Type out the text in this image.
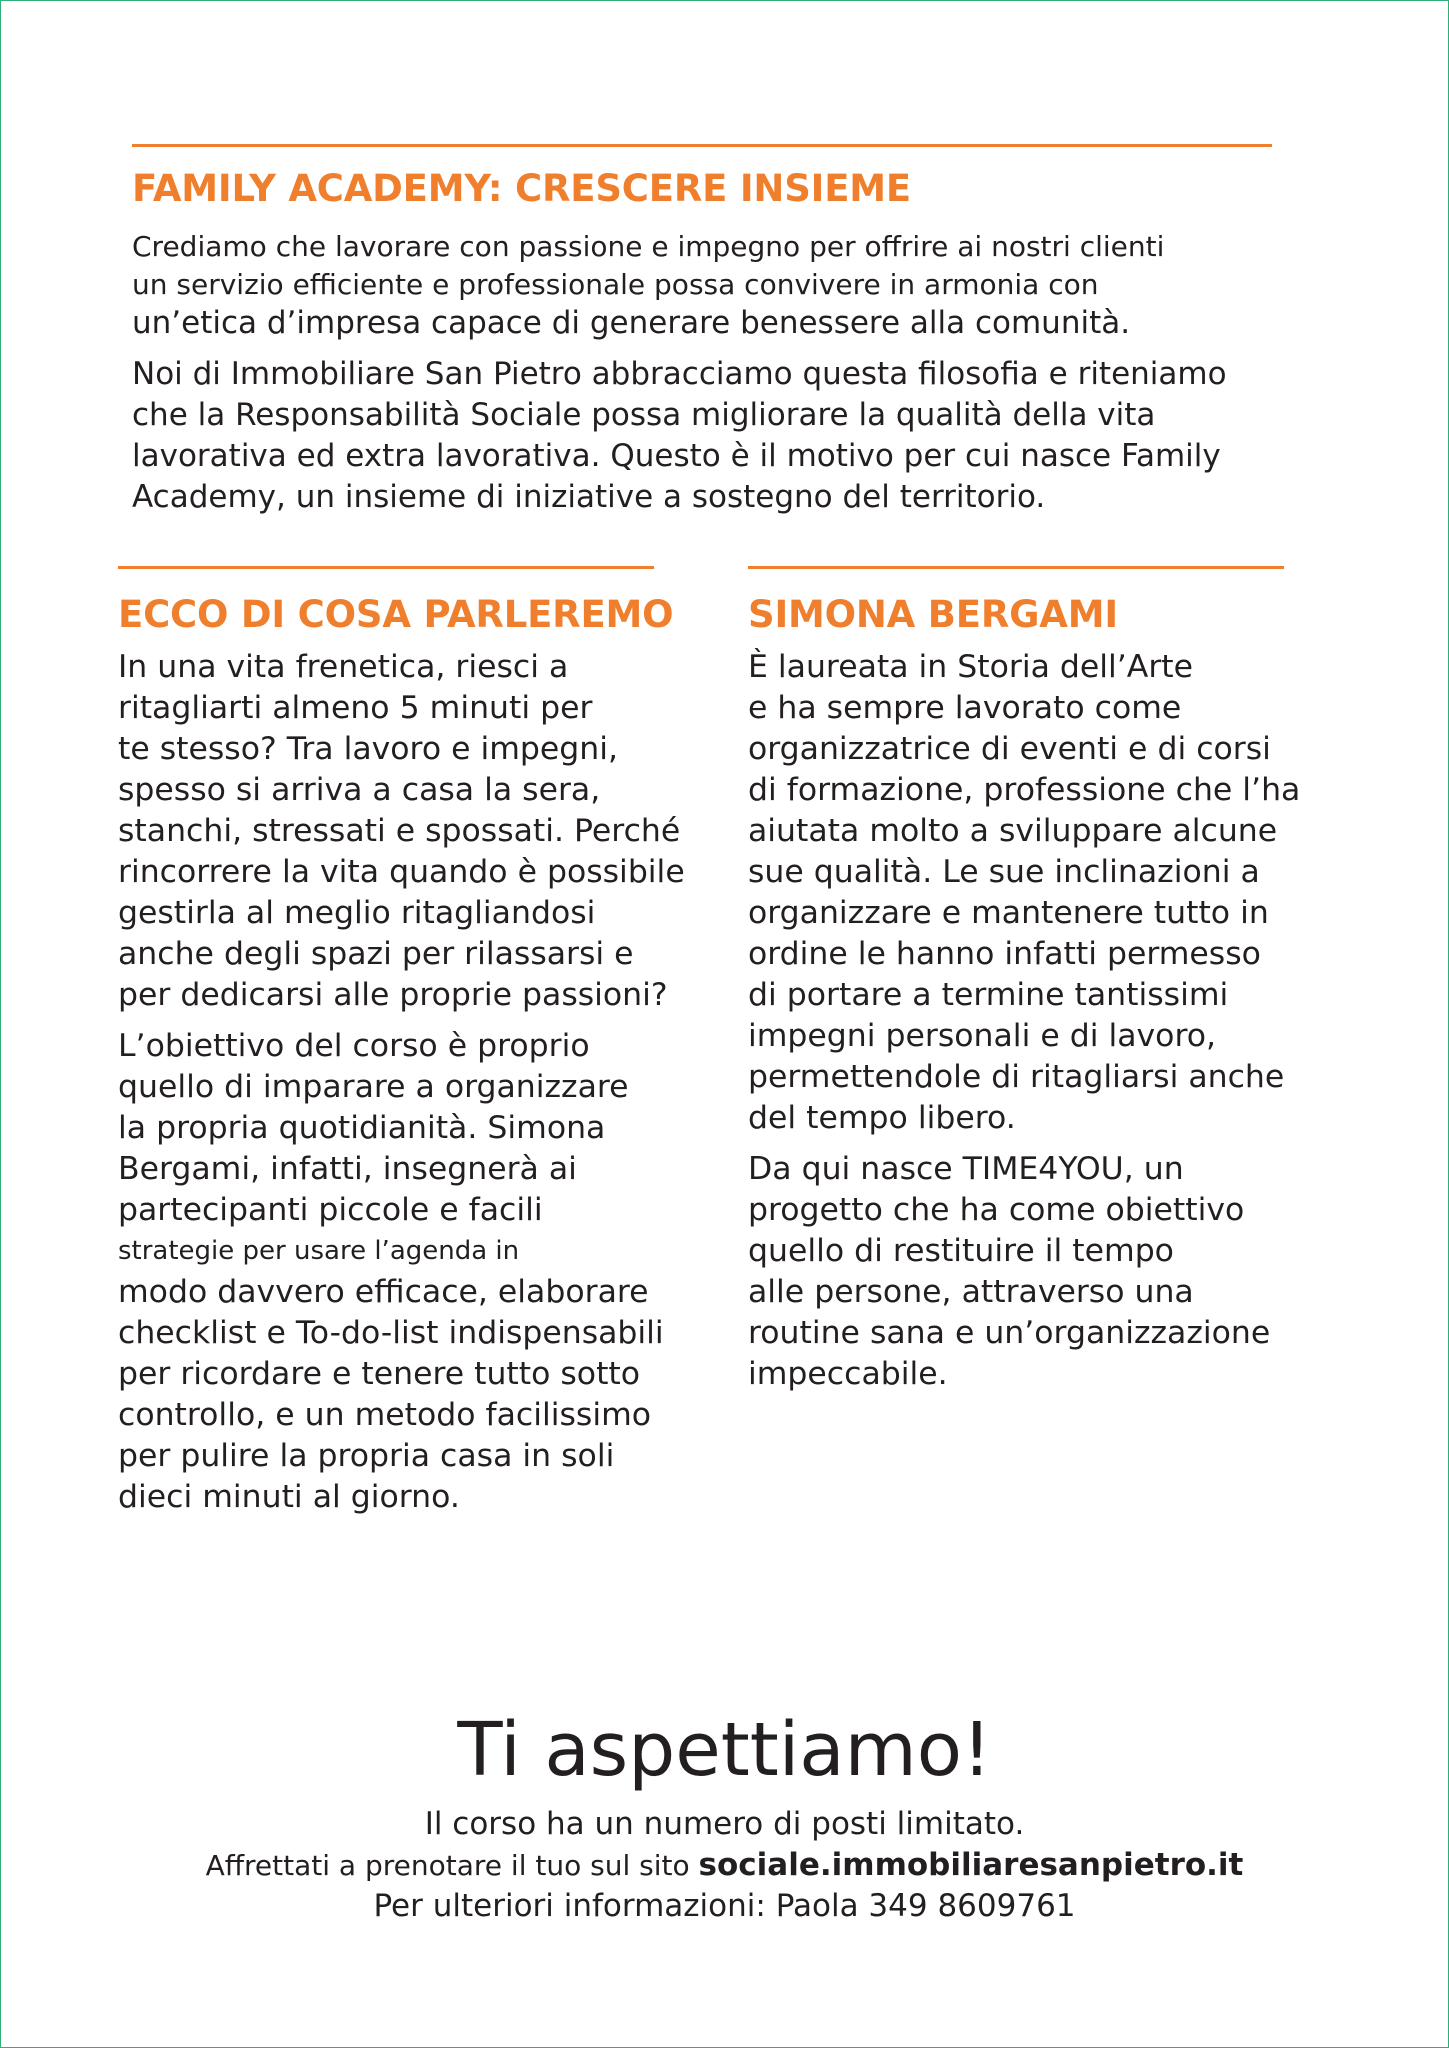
FAMILY ACADEMY: CRESCERE INSIEME

Crediamo che lavorare con passione e impegno per offrire ai nostri clienti
un servizio efficiente e professionale possa convivere in armonia con
un’etica d’impresa capace di generare benessere alla comunità.

Noi di Immobiliare San Pietro abbracciamo questa filosofia e riteniamo
che la Responsabilità Sociale possa migliorare la qualità della vita
lavorativa ed extra lavorativa. Questo è il motivo per cui nasce Family
Academy, un insieme di iniziative a sostegno del territorio.

ECCO DI COSA PARLEREMO SIMONA BERGAMI

In una vita frenetica, riesci a
ritagliarti almeno 5 minuti per
te stesso? Tra lavoro e impegni,
spesso si arriva a casa la sera,
stanchi, stressati e spossati. Perché
rincorrere la vita quando è possibile
gestirla al meglio ritagliandosi
anche degli spazi per rilassarsi e
per dedicarsi alle proprie passioni?

L’obiettivo del corso è proprio
quello di imparare a organizzare
la propria quotidianità. Simona
Bergami, infatti, insegnerà ai
partecipanti piccole e facili
strategie per usare l’agenda in
modo davvero efficace, elaborare
checklist e To-do-list indispensabili
per ricordare e tenere tutto sotto
controllo, e un metodo facilissimo
per pulire la propria casa in soli
dieci minuti al giorno.

È laureata in Storia dell’Arte
e ha sempre lavorato come
organizzatrice di eventi e di corsi
di formazione, professione che l’ha
aiutata molto a sviluppare alcune
sue qualità. Le sue inclinazioni a
organizzare e mantenere tutto in
ordine le hanno infatti permesso
di portare a termine tantissimi
impegni personali e di lavoro,
permettendole di ritagliarsi anche
del tempo libero.

Da qui nasce TIME4YOU, un
progetto che ha come obiettivo
quello di restituire il tempo
alle persone, attraverso una
routine sana e un’organizzazione
impeccabile.

Ti aspettiamo!

Il corso ha un numero di posti limitato.
Affrettati a prenotare il tuo sul sito sociale.immobiliaresanpietro.it
Per ulteriori informazioni: Paola 349 8609761
